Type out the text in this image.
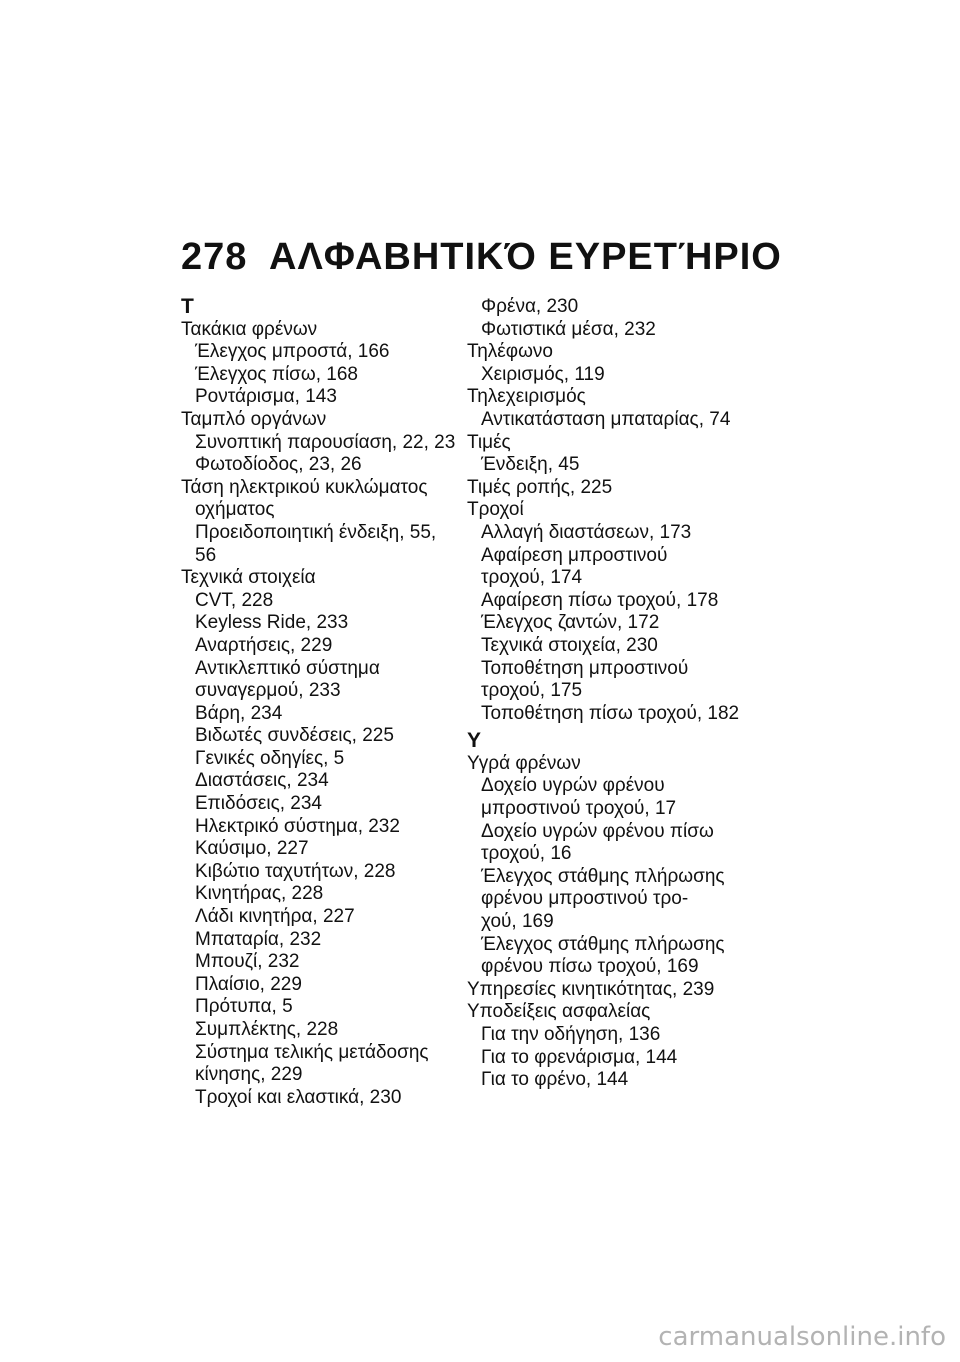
278 ΑΛΦΑΒΗΤΙΚΌ ΕΥΡΕΤΉΡΙΟ
T
Τακάκια φρένων
Έλεγχος μπροστά, 166
Έλεγχος πίσω, 168
Ροντάρισμα, 143
Ταμπλό οργάνων
Συνοπτική παρουσίαση, 22, 23
Φωτοδίοδος, 23, 26
Τάση ηλεκτρικού κυκλώματος
οχήματος
Προειδοποιητική ένδειξη, 55,
56
Τεχνικά στοιχεία
CVT, 228
Keyless Ride, 233
Αναρτήσεις, 229
Αντικλεπτικό σύστημα
συναγερμού, 233
Βάρη, 234
Βιδωτές συνδέσεις, 225
Γενικές οδηγίες, 5
Διαστάσεις, 234
Επιδόσεις, 234
Ηλεκτρικό σύστημα, 232
Καύσιμο, 227
Κιβώτιο ταχυτήτων, 228
Κινητήρας, 228
Λάδι κινητήρα, 227
Μπαταρία, 232
Μπουζί, 232
Πλαίσιο, 229
Πρότυπα, 5
Συμπλέκτης, 228
Σύστημα τελικής μετάδοσης
κίνησης, 229
Τροχοί και ελαστικά, 230
Φρένα, 230
Φωτιστικά μέσα, 232
Τηλέφωνο
Χειρισμός, 119
Τηλεχειρισμός
Αντικατάσταση μπαταρίας, 74
Τιμές
Ένδειξη, 45
Τιμές ροπής, 225
Τροχοί
Αλλαγή διαστάσεων, 173
Αφαίρεση μπροστινού
τροχού, 174
Αφαίρεση πίσω τροχού, 178
Έλεγχος ζαντών, 172
Τεχνικά στοιχεία, 230
Τοποθέτηση μπροστινού
τροχού, 175
Τοποθέτηση πίσω τροχού, 182
Y
Υγρά φρένων
Δοχείο υγρών φρένου
μπροστινού τροχού, 17
Δοχείο υγρών φρένου πίσω
τροχού, 16
Έλεγχος στάθμης πλήρωσης
φρένου μπροστινού τρο-
χού, 169
Έλεγχος στάθμης πλήρωσης
φρένου πίσω τροχού, 169
Υπηρεσίες κινητικότητας, 239
Υποδείξεις ασφαλείας
Για την οδήγηση, 136
Για το φρενάρισμα, 144
Για το φρένο, 144
carmanualsonline.info
